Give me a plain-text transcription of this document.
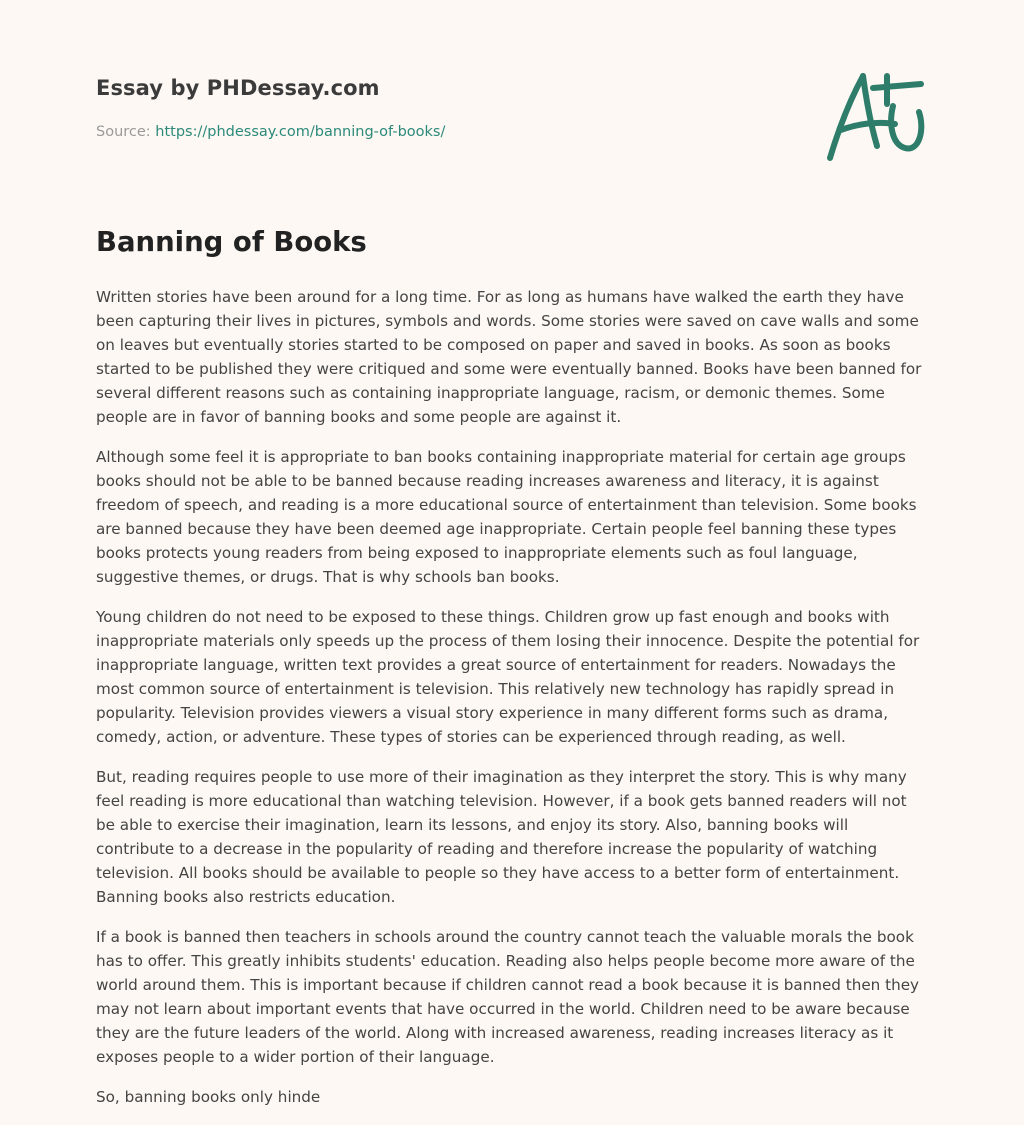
Essay by PHDessay.com
Source: https://phdessay.com/banning-of-books/
Banning of Books

Written stories have been around for a long time. For as long as humans have walked the earth they have been capturing their lives in pictures, symbols and words. Some stories were saved on cave walls and some on leaves but eventually stories started to be composed on paper and saved in books. As soon as books started to be published they were critiqued and some were eventually banned. Books have been banned for several different reasons such as containing inappropriate language, racism, or demonic themes. Some people are in favor of banning books and some people are against it.

Although some feel it is appropriate to ban books containing inappropriate material for certain age groups books should not be able to be banned because reading increases awareness and literacy, it is against freedom of speech, and reading is a more educational source of entertainment than television. Some books are banned because they have been deemed age inappropriate. Certain people feel banning these types books protects young readers from being exposed to inappropriate elements such as foul language, suggestive themes, or drugs. That is why schools ban books.

Young children do not need to be exposed to these things. Children grow up fast enough and books with inappropriate materials only speeds up the process of them losing their innocence. Despite the potential for inappropriate language, written text provides a great source of entertainment for readers. Nowadays the most common source of entertainment is television. This relatively new technology has rapidly spread in popularity. Television provides viewers a visual story experience in many different forms such as drama, comedy, action, or adventure. These types of stories can be experienced through reading, as well.

But, reading requires people to use more of their imagination as they interpret the story. This is why many feel reading is more educational than watching television. However, if a book gets banned readers will not be able to exercise their imagination, learn its lessons, and enjoy its story. Also, banning books will contribute to a decrease in the popularity of reading and therefore increase the popularity of watching television. All books should be available to people so they have access to a better form of entertainment. Banning books also restricts education.

If a book is banned then teachers in schools around the country cannot teach the valuable morals the book has to offer. This greatly inhibits students' education. Reading also helps people become more aware of the world around them. This is important because if children cannot read a book because it is banned then they may not learn about important events that have occurred in the world. Children need to be aware because they are the future leaders of the world. Along with increased awareness, reading increases literacy as it exposes people to a wider portion of their language.

So, banning books only hinde
